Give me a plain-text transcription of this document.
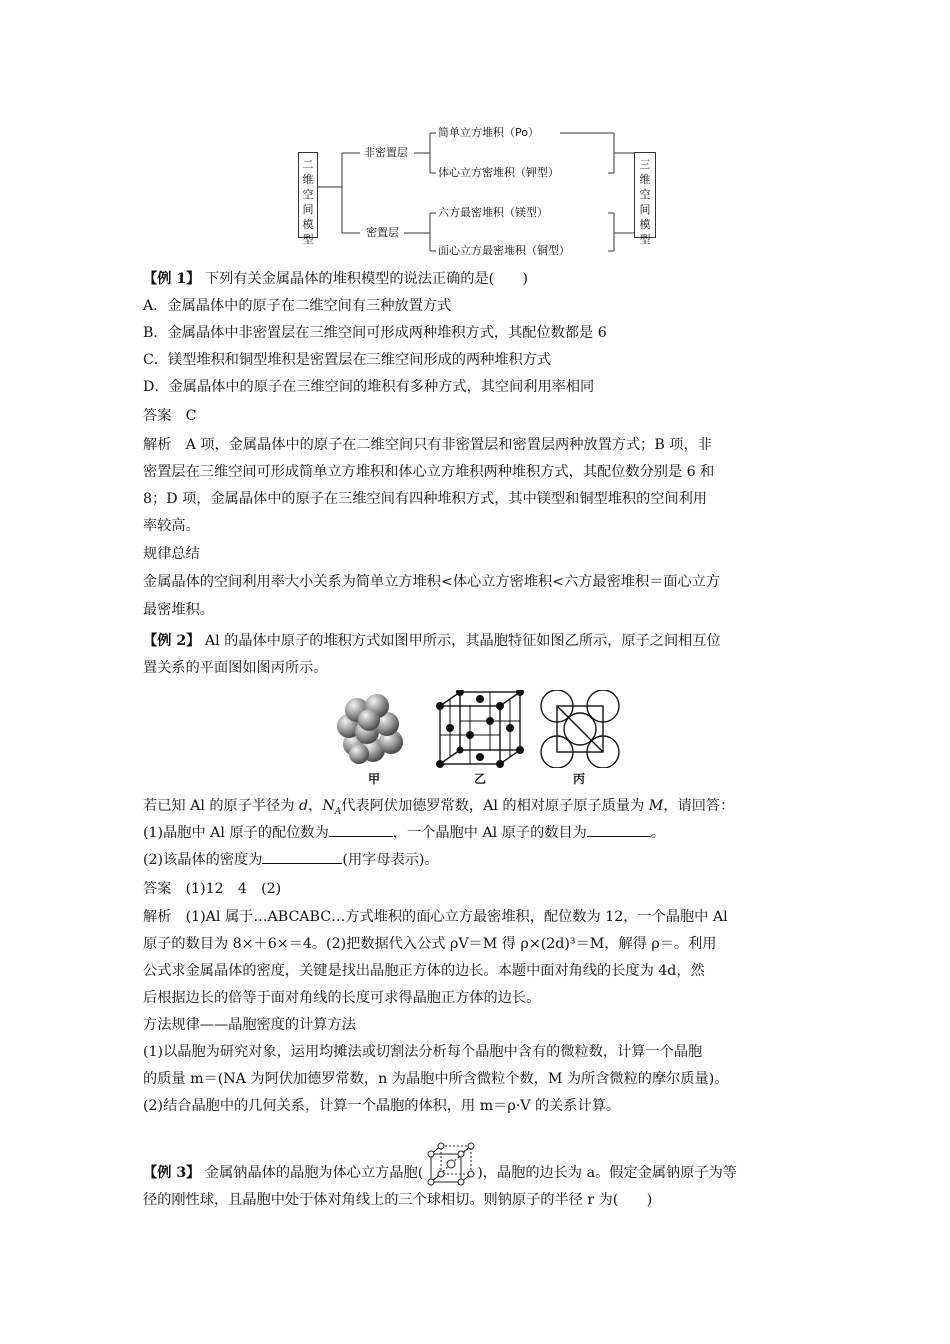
二
维
空
间
模
型
三
维
空
间
模
型
非密置层
密置层
简单立方堆积（Po）
体心立方密堆积（钾型）
六方最密堆积（镁型）
面心立方最密堆积（铜型）

【例 1】 下列有关金属晶体的堆积模型的说法正确的是(　　)

A．金属晶体中的原子在二维空间有三种放置方式

B．金属晶体中非密置层在三维空间可形成两种堆积方式，其配位数都是 6

C．镁型堆积和铜型堆积是密置层在三维空间形成的两种堆积方式

D．金属晶体中的原子在三维空间的堆积有多种方式，其空间利用率相同

答案　C

解析　A 项，金属晶体中的原子在二维空间只有非密置层和密置层两种放置方式；B 项，非

密置层在三维空间可形成简单立方堆积和体心立方堆积两种堆积方式，其配位数分别是 6 和

8；D 项，金属晶体中的原子在三维空间有四种堆积方式，其中镁型和铜型堆积的空间利用

率较高。

规律总结

金属晶体的空间利用率大小关系为简单立方堆积<体心立方密堆积<六方最密堆积＝面心立方

最密堆积。

【例 2】 Al 的晶体中原子的堆积方式如图甲所示，其晶胞特征如图乙所示，原子之间相互位

置关系的平面图如图丙所示。

甲	乙	丙

若已知 Al 的原子半径为 d，$N_A$代表阿伏加德罗常数，Al 的相对原子原子质量为 M，请回答：

(1)晶胞中 Al 原子的配位数为	，一个晶胞中 Al 原子的数目为	。

(2)该晶体的密度为	(用字母表示)。

答案　(1)12　4　(2)

解析　(1)Al 属于…ABCABC…方式堆积的面心立方最密堆积，配位数为 12，一个晶胞中 Al

原子的数目为 8×＋6×＝4。(2)把数据代入公式 ρV＝M 得 ρ×(2d)³＝M，解得 ρ＝。利用

公式求金属晶体的密度，关键是找出晶胞正方体的边长。本题中面对角线的长度为 4d，然

后根据边长的倍等于面对角线的长度可求得晶胞正方体的边长。

方法规律——晶胞密度的计算方法

(1)以晶胞为研究对象，运用均摊法或切割法分析每个晶胞中含有的微粒数，计算一个晶胞

的质量 m＝(NA 为阿伏加德罗常数，n 为晶胞中所含微粒个数，M 为所含微粒的摩尔质量)。

(2)结合晶胞中的几何关系，计算一个晶胞的体积，用 m＝ρ·V 的关系计算。

【例 3】 金属钠晶体的晶胞为体心立方晶胞(	)，晶胞的边长为 a。假定金属钠原子为等

径的刚性球，且晶胞中处于体对角线上的三个球相切。则钠原子的半径 r 为(　　)
